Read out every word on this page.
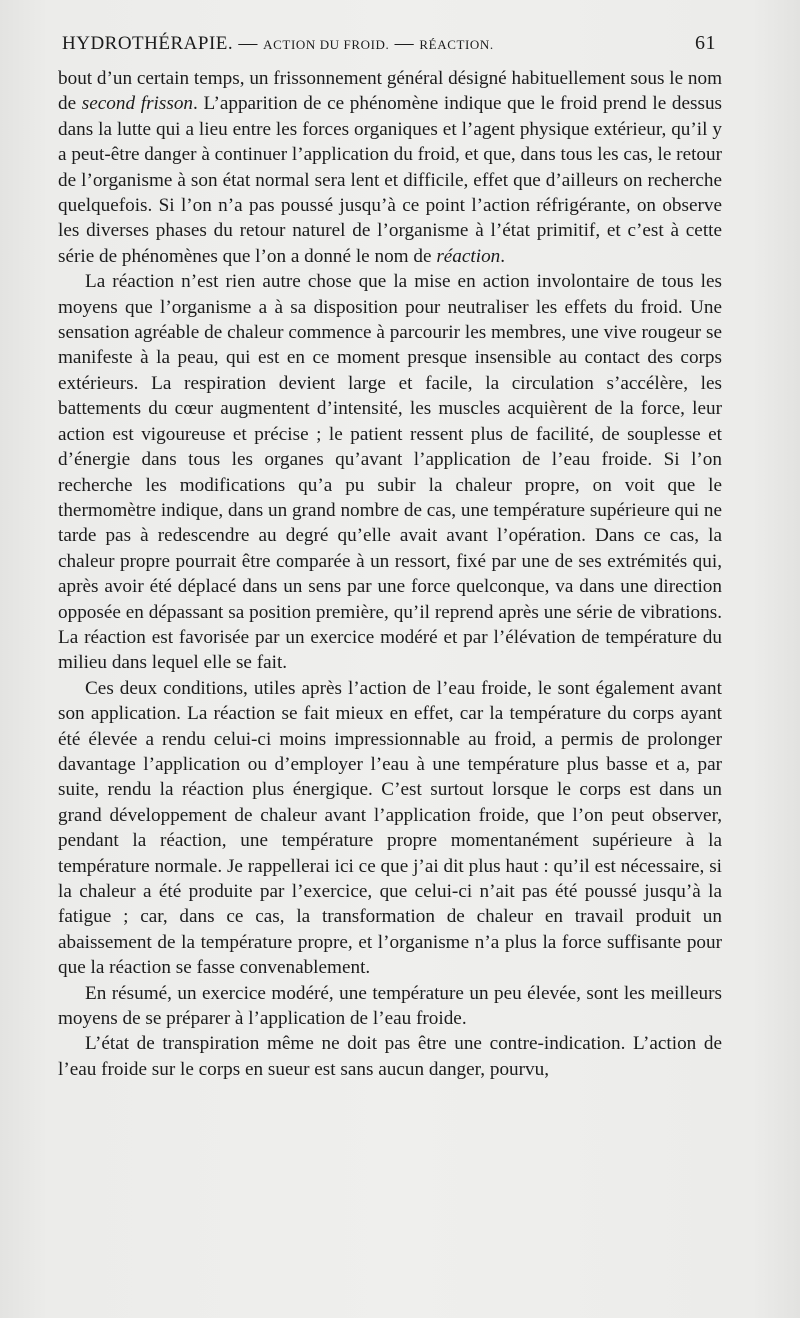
HYDROTHÉRAPIE. — ACTION DU FROID. — RÉACTION.	61

bout d’un certain temps, un frissonnement général désigné habituellement sous le nom de second frisson. L’apparition de ce phénomène indique que le froid prend le dessus dans la lutte qui a lieu entre les forces organiques et l’agent physique extérieur, qu’il y a peut-être danger à continuer l’application du froid, et que, dans tous les cas, le retour de l’organisme à son état normal sera lent et difficile, effet que d’ailleurs on recherche quelquefois. Si l’on n’a pas poussé jusqu’à ce point l’action réfrigérante, on observe les diverses phases du retour naturel de l’organisme à l’état primitif, et c’est à cette série de phénomènes que l’on a donné le nom de réaction.

La réaction n’est rien autre chose que la mise en action involontaire de tous les moyens que l’organisme a à sa disposition pour neutraliser les effets du froid. Une sensation agréable de chaleur commence à parcourir les membres, une vive rougeur se manifeste à la peau, qui est en ce moment presque insensible au contact des corps extérieurs. La respiration devient large et facile, la circulation s’accélère, les battements du cœur augmentent d’intensité, les muscles acquièrent de la force, leur action est vigoureuse et précise ; le patient ressent plus de facilité, de souplesse et d’énergie dans tous les organes qu’avant l’application de l’eau froide. Si l’on recherche les modifications qu’a pu subir la chaleur propre, on voit que le thermomètre indique, dans un grand nombre de cas, une température supérieure qui ne tarde pas à redescendre au degré qu’elle avait avant l’opération. Dans ce cas, la chaleur propre pourrait être comparée à un ressort, fixé par une de ses extrémités qui, après avoir été déplacé dans un sens par une force quelconque, va dans une direction opposée en dépassant sa position première, qu’il reprend après une série de vibrations. La réaction est favorisée par un exercice modéré et par l’élévation de température du milieu dans lequel elle se fait.

Ces deux conditions, utiles après l’action de l’eau froide, le sont également avant son application. La réaction se fait mieux en effet, car la température du corps ayant été élevée a rendu celui-ci moins impressionnable au froid, a permis de prolonger davantage l’application ou d’employer l’eau à une température plus basse et a, par suite, rendu la réaction plus énergique. C’est surtout lorsque le corps est dans un grand développement de chaleur avant l’application froide, que l’on peut observer, pendant la réaction, une température propre momentanément supérieure à la température normale. Je rappellerai ici ce que j’ai dit plus haut : qu’il est nécessaire, si la chaleur a été produite par l’exercice, que celui-ci n’ait pas été poussé jusqu’à la fatigue ; car, dans ce cas, la transformation de chaleur en travail produit un abaissement de la température propre, et l’organisme n’a plus la force suffisante pour que la réaction se fasse convenablement.

En résumé, un exercice modéré, une température un peu élevée, sont les meilleurs moyens de se préparer à l’application de l’eau froide.

L’état de transpiration même ne doit pas être une contre-indication. L’action de l’eau froide sur le corps en sueur est sans aucun danger, pourvu,
